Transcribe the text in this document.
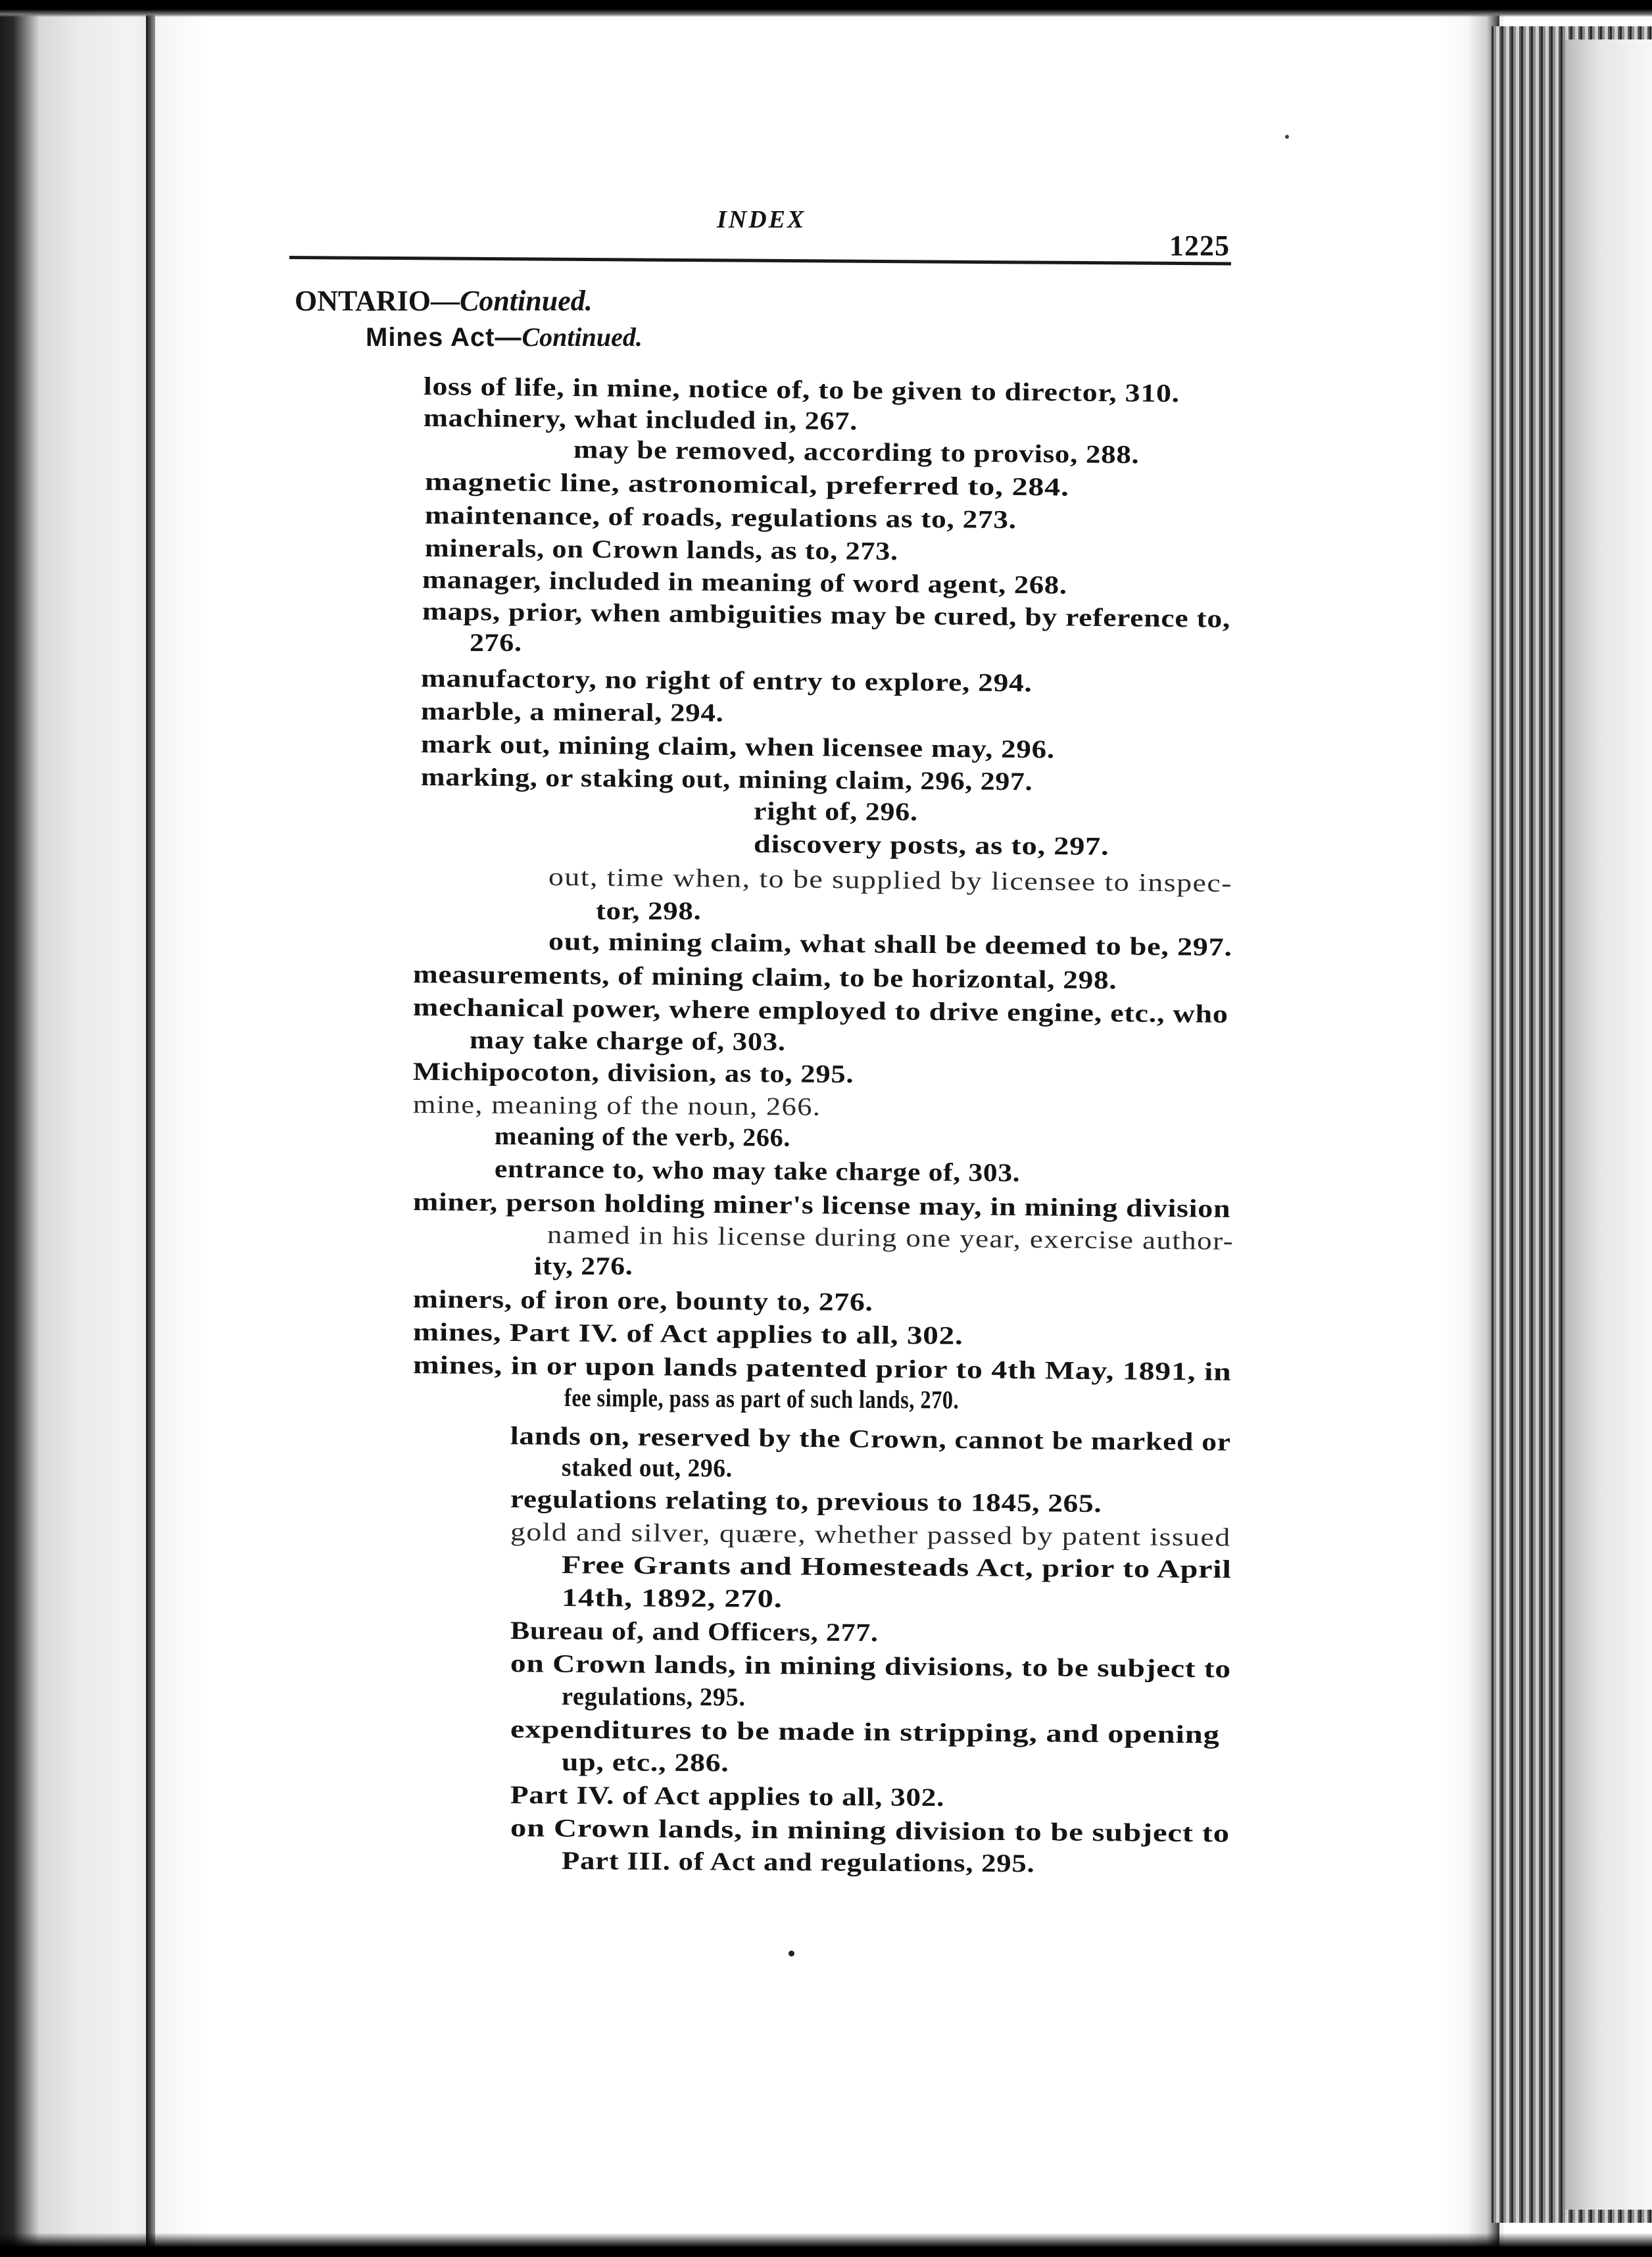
INDEX
1225
ONTARIO—Continued.
Mines Act—Continued.
loss of life, in mine, notice of, to be given to director, 310.
machinery, what included in, 267.
may be removed, according to proviso, 288.
magnetic line, astronomical, preferred to, 284.
maintenance, of roads, regulations as to, 273.
minerals, on Crown lands, as to, 273.
manager, included in meaning of word agent, 268.
maps, prior, when ambiguities may be cured, by reference to,
276.
manufactory, no right of entry to explore, 294.
marble, a mineral, 294.
mark out, mining claim, when licensee may, 296.
marking, or staking out, mining claim, 296, 297.
right of, 296.
discovery posts, as to, 297.
out, time when, to be supplied by licensee to inspec-
tor, 298.
out, mining claim, what shall be deemed to be, 297.
measurements, of mining claim, to be horizontal, 298.
mechanical power, where employed to drive engine, etc., who
may take charge of, 303.
Michipocoton, division, as to, 295.
mine, meaning of the noun, 266.
meaning of the verb, 266.
entrance to, who may take charge of, 303.
miner, person holding miner's license may, in mining division
named in his license during one year, exercise author-
ity, 276.
miners, of iron ore, bounty to, 276.
mines, Part IV. of Act applies to all, 302.
mines, in or upon lands patented prior to 4th May, 1891, in
fee simple, pass as part of such lands, 270.
lands on, reserved by the Crown, cannot be marked or
staked out, 296.
regulations relating to, previous to 1845, 265.
gold and silver, quære, whether passed by patent issued
Free Grants and Homesteads Act, prior to April
14th, 1892, 270.
Bureau of, and Officers, 277.
on Crown lands, in mining divisions, to be subject to
regulations, 295.
expenditures to be made in stripping, and opening
up, etc., 286.
Part IV. of Act applies to all, 302.
on Crown lands, in mining division to be subject to
Part III. of Act and regulations, 295.
